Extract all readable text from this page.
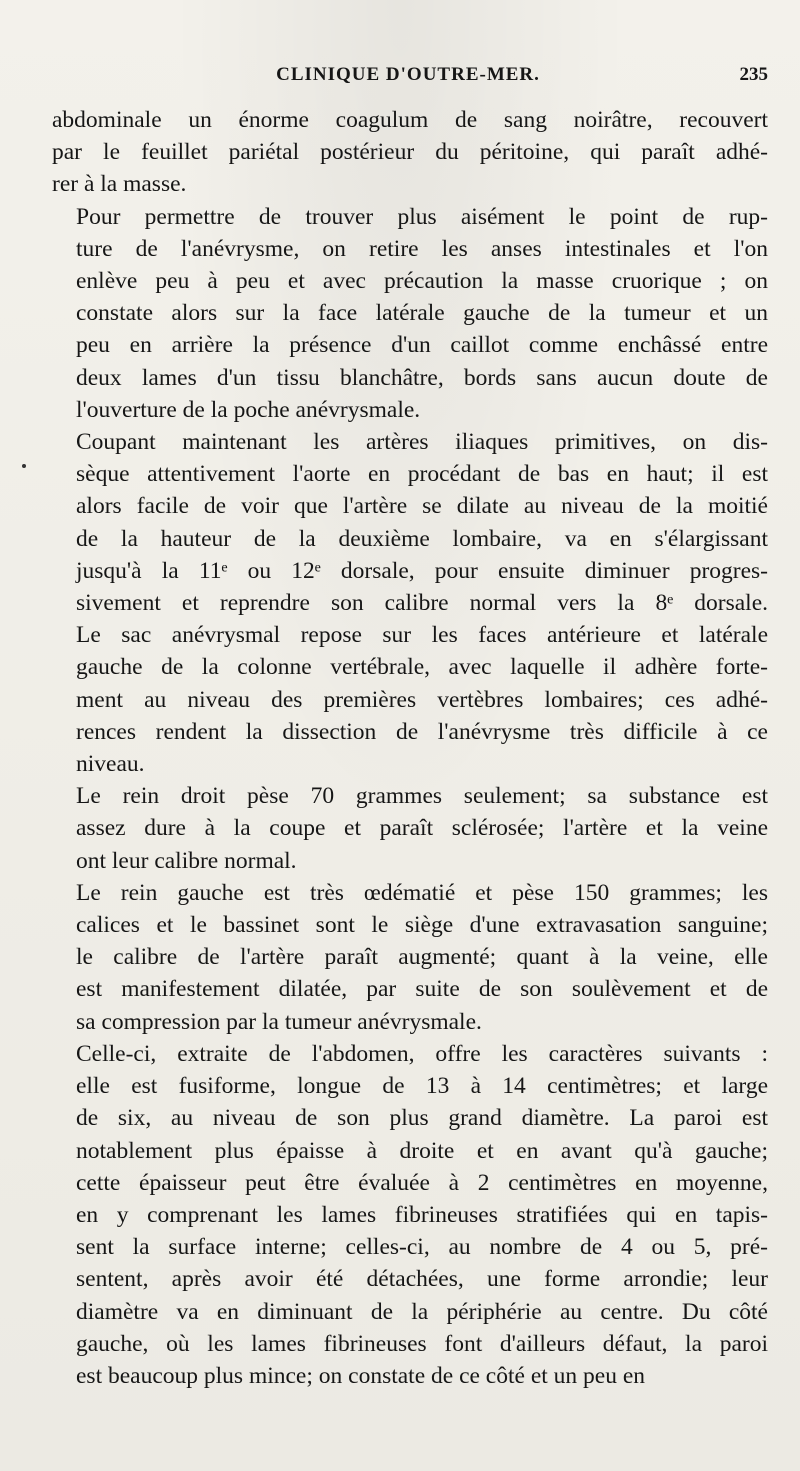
CLINIQUE D'OUTRE-MER.	235

abdominale un énorme coagulum de sang noirâtre, recouvert
par le feuillet pariétal postérieur du péritoine, qui paraît adhé-
rer à la masse.

Pour permettre de trouver plus aisément le point de rup-
ture de l'anévrysme, on retire les anses intestinales et l'on
enlève peu à peu et avec précaution la masse cruorique ; on
constate alors sur la face latérale gauche de la tumeur et un
peu en arrière la présence d'un caillot comme enchâssé entre
deux lames d'un tissu blanchâtre, bords sans aucun doute de
l'ouverture de la poche anévrysmale.

Coupant maintenant les artères iliaques primitives, on dis-
sèque attentivement l'aorte en procédant de bas en haut; il est
alors facile de voir que l'artère se dilate au niveau de la moitié
de la hauteur de la deuxième lombaire, va en s'élargissant
jusqu'à la 11ᵉ ou 12ᵉ dorsale, pour ensuite diminuer progres-
sivement et reprendre son calibre normal vers la 8ᵉ dorsale.
Le sac anévrysmal repose sur les faces antérieure et latérale
gauche de la colonne vertébrale, avec laquelle il adhère forte-
ment au niveau des premières vertèbres lombaires; ces adhé-
rences rendent la dissection de l'anévrysme très difficile à ce
niveau.

Le rein droit pèse 70 grammes seulement; sa substance est
assez dure à la coupe et paraît sclérosée; l'artère et la veine
ont leur calibre normal.

Le rein gauche est très œdématié et pèse 150 grammes; les
calices et le bassinet sont le siège d'une extravasation sanguine;
le calibre de l'artère paraît augmenté; quant à la veine, elle
est manifestement dilatée, par suite de son soulèvement et de
sa compression par la tumeur anévrysmale.

Celle-ci, extraite de l'abdomen, offre les caractères suivants :
elle est fusiforme, longue de 13 à 14 centimètres; et large
de six, au niveau de son plus grand diamètre. La paroi est
notablement plus épaisse à droite et en avant qu'à gauche;
cette épaisseur peut être évaluée à 2 centimètres en moyenne,
en y comprenant les lames fibrineuses stratifiées qui en tapis-
sent la surface interne; celles-ci, au nombre de 4 ou 5, pré-
sentent, après avoir été détachées, une forme arrondie; leur
diamètre va en diminuant de la périphérie au centre. Du côté
gauche, où les lames fibrineuses font d'ailleurs défaut, la paroi
est beaucoup plus mince; on constate de ce côté et un peu en
